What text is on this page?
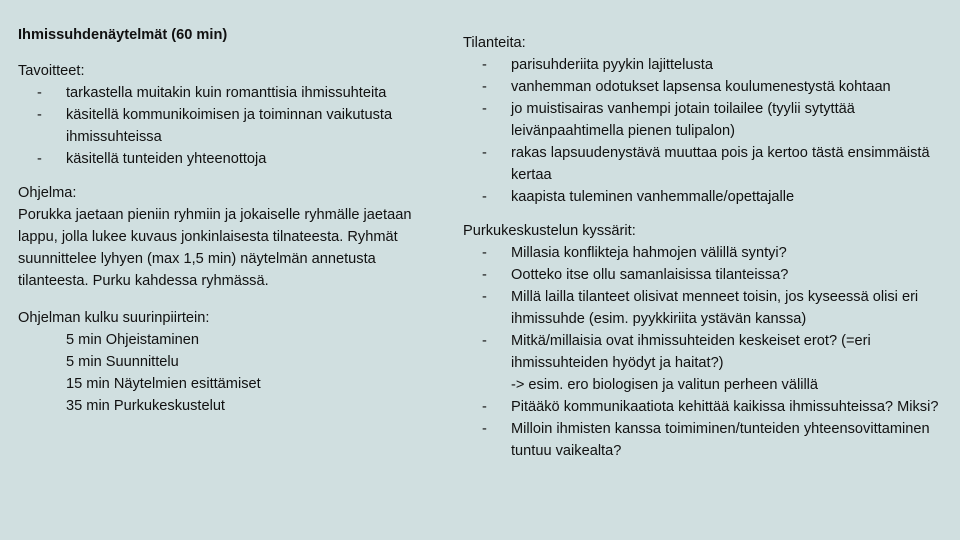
Ihmissuhdenäytelmät (60 min)
Tavoitteet:
- tarkastella muitakin kuin romanttisia ihmissuhteita
- käsitellä kommunikoimisen ja toiminnan vaikutusta ihmissuhteissa
- käsitellä tunteiden yhteenottoja
Ohjelma:

Porukka jaetaan pieniin ryhmiin ja jokaiselle ryhmälle jaetaan lappu, jolla lukee kuvaus jonkinlaisesta tilnateesta. Ryhmät suunnittelee lyhyen (max 1,5 min) näytelmän annetusta tilanteesta. Purku kahdessa ryhmässä.

Ohjelman kulku suurinpiirtein:
5 min Ohjeistaminen
5 min Suunnittelu
15 min Näytelmien esittämiset
35 min Purkukeskustelut
Tilanteita:
- parisuhderiita pyykin lajittelusta
- vanhemman odotukset lapsensa koulumenestystä kohtaan
- jo muistisairas vanhempi jotain toilailee (tyylii sytyttää leivänpaahtimella pienen tulipalon)
- rakas lapsuudenystävä muuttaa pois ja kertoo tästä ensimmäistä kertaa
- kaapista tuleminen vanhemmalle/opettajalle
Purkukeskustelun kyssärit:
- Millasia konflikteja hahmojen välillä syntyi?
- Ootteko itse ollu samanlaisissa tilanteissa?
- Millä lailla tilanteet olisivat menneet toisin, jos kyseessä olisi eri ihmissuhde (esim. pyykkiriita ystävän kanssa)
- Mitkä/millaisia ovat ihmissuhteiden keskeiset erot? (=eri ihmissuhteiden hyödyt ja haitat?)
-> esim. ero biologisen ja valitun perheen välillä
- Pitääkö kommunikaatiota kehittää kaikissa ihmissuhteissa? Miksi?
- Milloin ihmisten kanssa toimiminen/tunteiden yhteensovittaminen tuntuu vaikealta?
